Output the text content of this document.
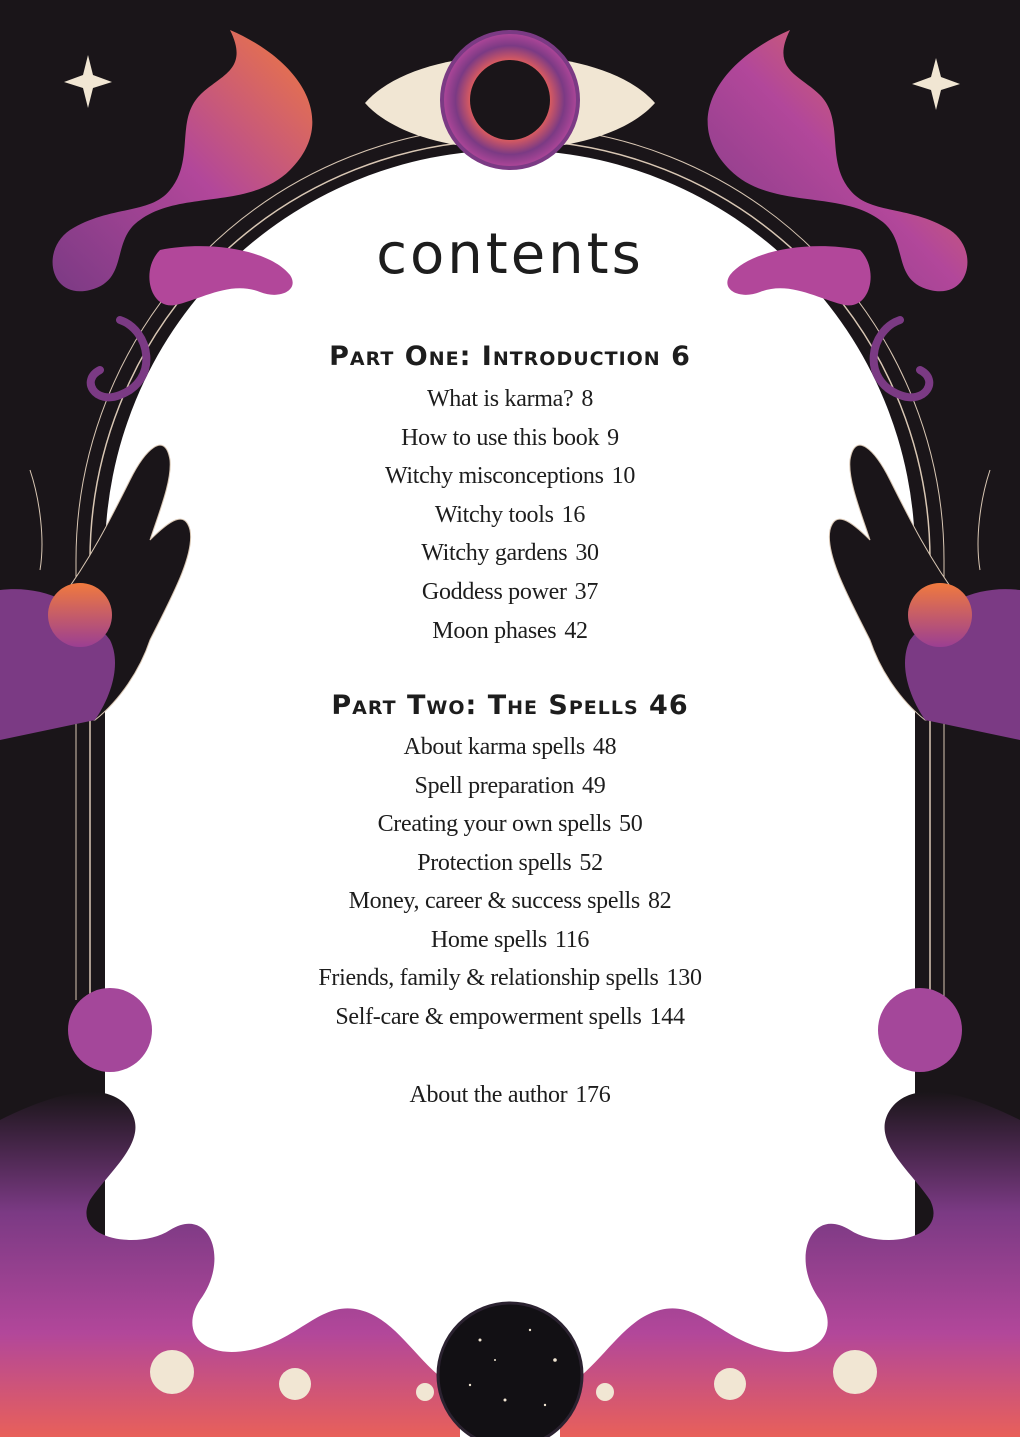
contents
Part One: Introduction 6
What is karma? 8
How to use this book 9
Witchy misconceptions 10
Witchy tools 16
Witchy gardens 30
Goddess power 37
Moon phases 42
Part Two: The Spells 46
About karma spells 48
Spell preparation 49
Creating your own spells 50
Protection spells 52
Money, career & success spells 82
Home spells 116
Friends, family & relationship spells 130
Self-care & empowerment spells 144
About the author 176
